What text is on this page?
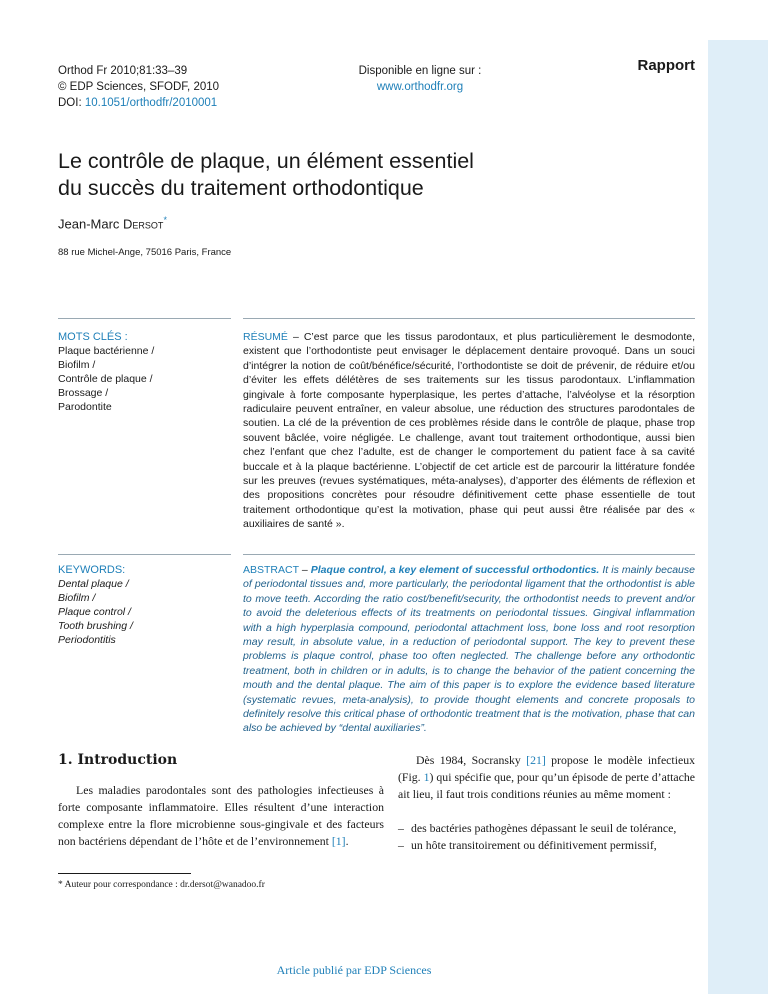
Orthod Fr 2010;81:33–39
© EDP Sciences, SFODF, 2010
DOI: 10.1051/orthodfr/2010001
Disponible en ligne sur :
www.orthodfr.org
Rapport
Le contrôle de plaque, un élément essentiel
du succès du traitement orthodontique
Jean-Marc Dersot*
88 rue Michel-Ange, 75016 Paris, France
MOTS CLÉS :
Plaque bactérienne /
Biofilm /
Contrôle de plaque /
Brossage /
Parodontite
RÉSUMÉ – C’est parce que les tissus parodontaux, et plus particulièrement le desmodonte, existent que l’orthodontiste peut envisager le déplacement dentaire provoqué. Dans un souci d’intégrer la notion de coût/bénéfice/sécurité, l’orthodontiste se doit de prévenir, de réduire et/ou d’éviter les effets délétères de ses traitements sur les tissus parodontaux. L’inflammation gingivale à forte composante hyperplasique, les pertes d’attache, l’alvéolyse et la résorption radiculaire peuvent entraîner, en valeur absolue, une réduction des structures parodontales de soutien. La clé de la prévention de ces problèmes réside dans le contrôle de plaque, phase trop souvent bâclée, voire négligée. Le challenge, avant tout traitement orthodontique, aussi bien chez l’enfant que chez l’adulte, est de changer le comportement du patient face à sa cavité buccale et à la plaque bactérienne. L’objectif de cet article est de parcourir la littérature fondée sur les preuves (revues systématiques, méta-analyses), d’apporter des éléments de réflexion et des propositions concrètes pour résoudre définitivement cette phase essentielle de tout traitement orthodontique qu’est la motivation, phase qui peut aussi être réalisée par des « auxiliaires de santé ».
KEYWORDS:
Dental plaque /
Biofilm /
Plaque control /
Tooth brushing /
Periodontitis
ABSTRACT – Plaque control, a key element of successful orthodontics. It is mainly because of periodontal tissues and, more particularly, the periodontal ligament that the orthodontist is able to move teeth. According the ratio cost/benefit/security, the orthodontist needs to prevent and/or to avoid the deleterious effects of its treatments on periodontal tissues. Gingival inflammation with a high hyperplasia compound, periodontal attachment loss, bone loss and root resorption may result, in absolute value, in a reduction of periodontal support. The key to prevent these problems is plaque control, phase too often neglected. The challenge before any orthodontic treatment, both in children or in adults, is to change the behavior of the patient concerning the mouth and the dental plaque. The aim of this paper is to explore the evidence based literature (systematic revues, meta-analysis), to provide thought elements and concrete proposals to definitely resolve this critical phase of orthodontic treatment that is the motivation, phase that can also be achieved by “dental auxiliaries”.
1. Introduction

Les maladies parodontales sont des pathologies infectieuses à forte composante inflammatoire. Elles résultent d’une interaction complexe entre la flore microbienne sous-gingivale et des facteurs non bactériens dépendant de l’hôte et de l’environnement [1].

* Auteur pour correspondance : dr.dersot@wanadoo.fr

Dès 1984, Socransky [21] propose le modèle infectieux (Fig. 1) qui spécifie que, pour qu’un épisode de perte d’attache ait lieu, il faut trois conditions réunies au même moment :

– des bactéries pathogènes dépassant le seuil de tolérance,
– un hôte transitoirement ou définitivement permissif,
Article publié par EDP Sciences
